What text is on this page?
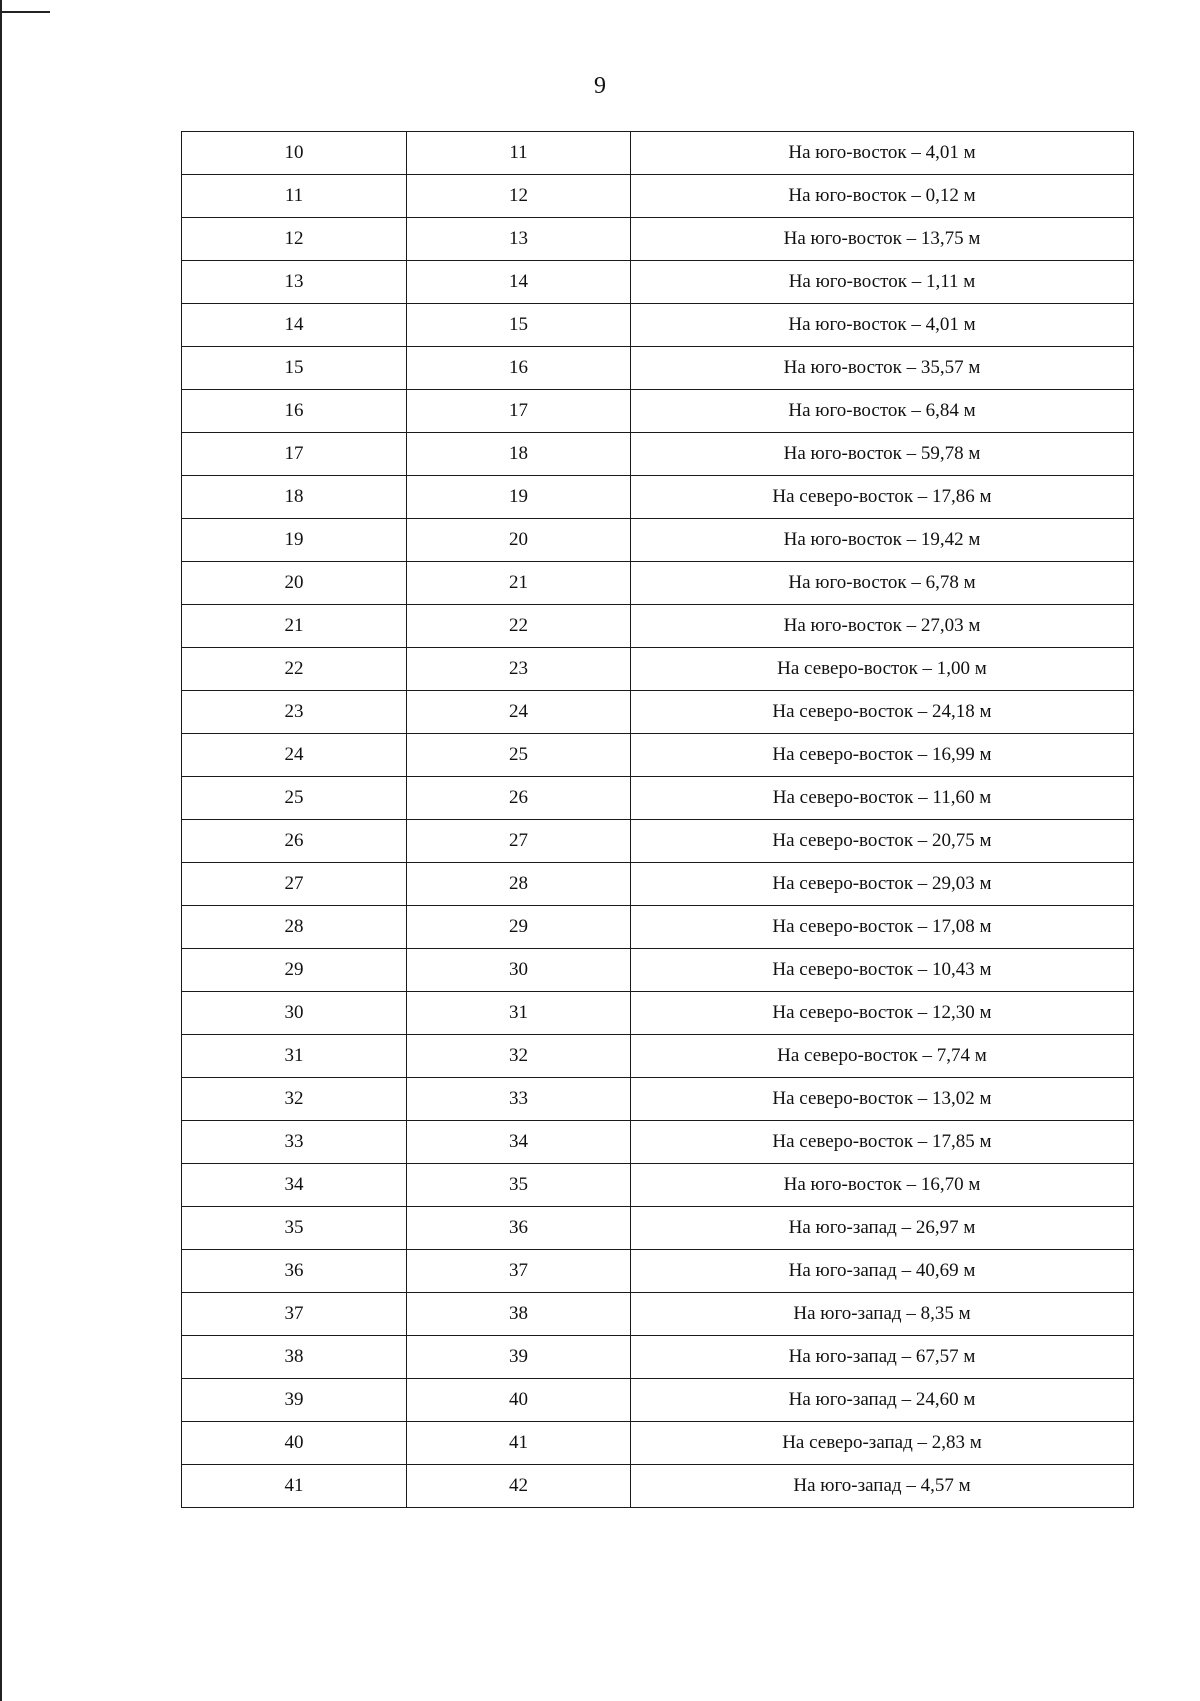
9
10	11	На юго-восток – 4,01 м
11	12	На юго-восток – 0,12 м
12	13	На юго-восток – 13,75 м
13	14	На юго-восток – 1,11 м
14	15	На юго-восток – 4,01 м
15	16	На юго-восток – 35,57 м
16	17	На юго-восток – 6,84 м
17	18	На юго-восток – 59,78 м
18	19	На северо-восток – 17,86 м
19	20	На юго-восток – 19,42 м
20	21	На юго-восток – 6,78 м
21	22	На юго-восток – 27,03 м
22	23	На северо-восток – 1,00 м
23	24	На северо-восток – 24,18 м
24	25	На северо-восток – 16,99 м
25	26	На северо-восток – 11,60 м
26	27	На северо-восток – 20,75 м
27	28	На северо-восток – 29,03 м
28	29	На северо-восток – 17,08 м
29	30	На северо-восток – 10,43 м
30	31	На северо-восток – 12,30 м
31	32	На северо-восток – 7,74 м
32	33	На северо-восток – 13,02 м
33	34	На северо-восток – 17,85 м
34	35	На юго-восток – 16,70 м
35	36	На юго-запад – 26,97 м
36	37	На юго-запад – 40,69 м
37	38	На юго-запад – 8,35 м
38	39	На юго-запад – 67,57 м
39	40	На юго-запад – 24,60 м
40	41	На северо-запад – 2,83 м
41	42	На юго-запад – 4,57 м
